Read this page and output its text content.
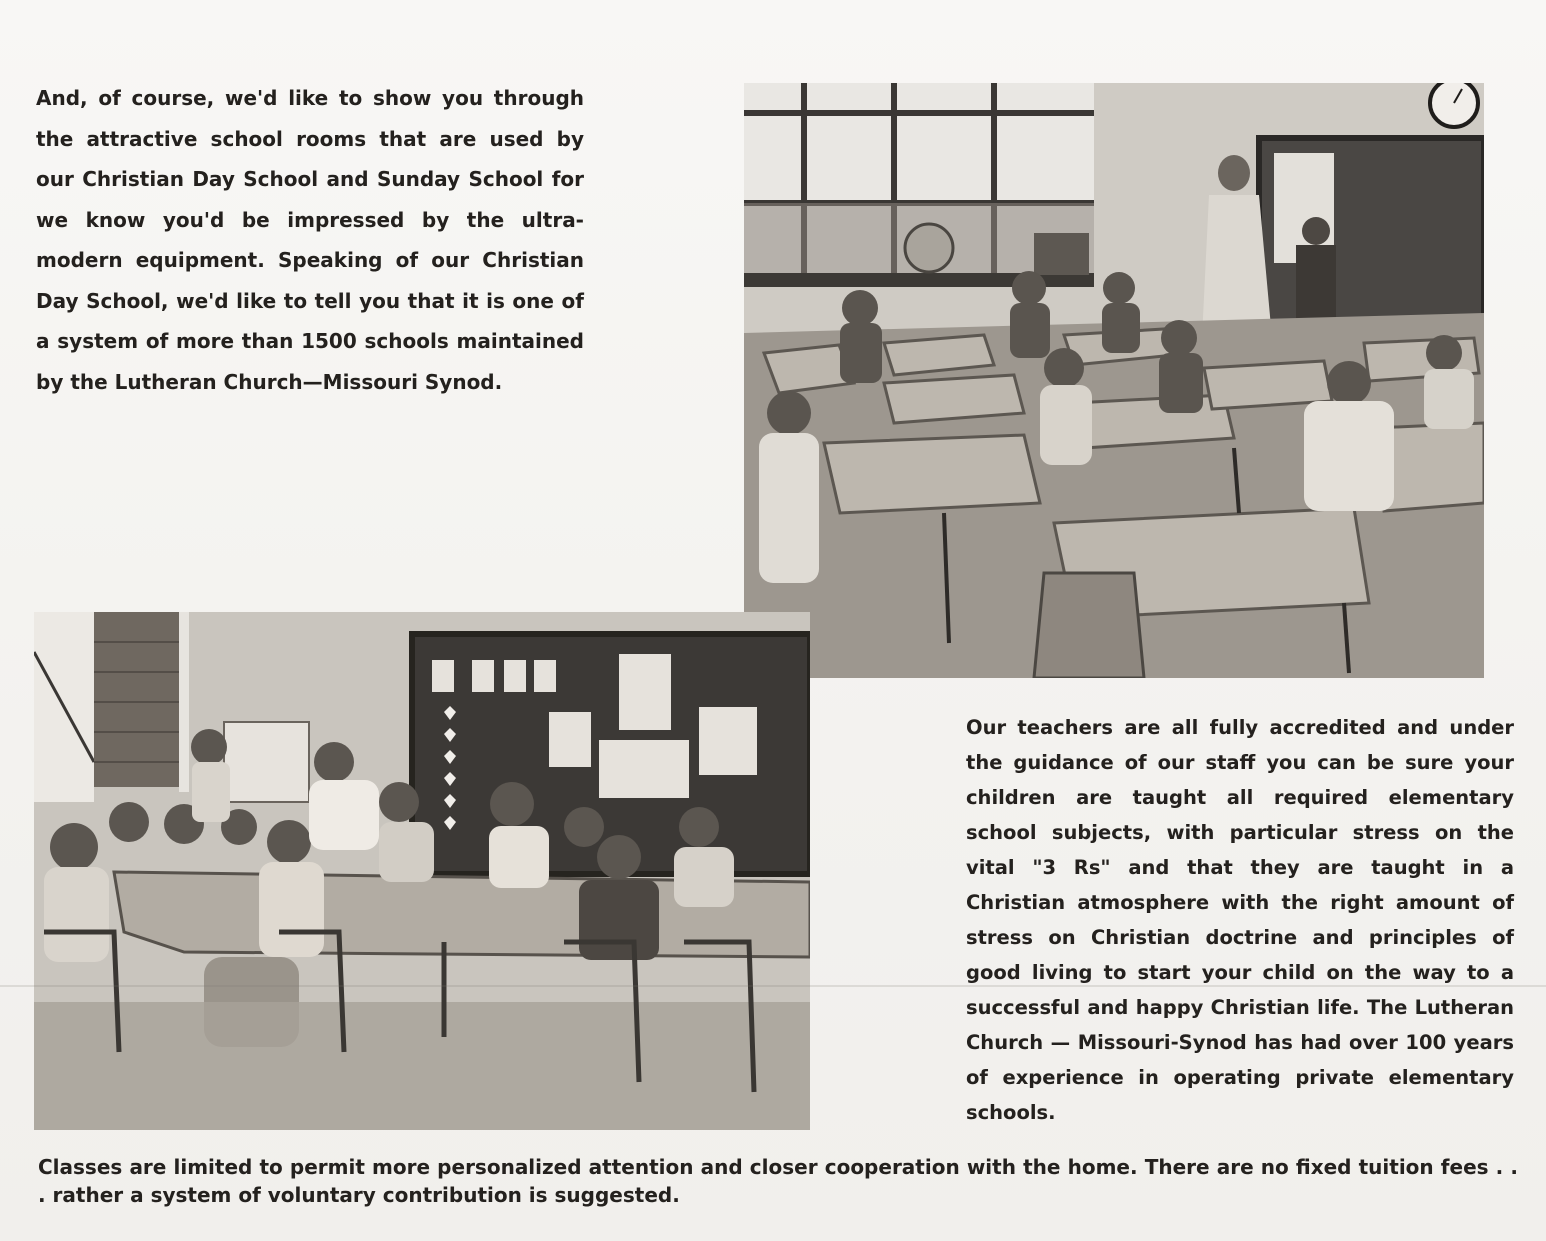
And, of course, we'd like to show you through the attractive school rooms that are used by our Christian Day School and Sunday School for we know you'd be impressed by the ultra-modern equipment. Speaking of our Christian Day School, we'd like to tell you that it is one of a system of more than 1500 schools maintained by the Lutheran Church—Missouri Synod.

Our teachers are all fully accredited and under the guidance of our staff you can be sure your children are taught all required elementary school subjects, with particular stress on the vital "3 Rs" and that they are taught in a Christian atmosphere with the right amount of stress on Christian doctrine and principles of good living to start your child on the way to a successful and happy Christian life. The Lutheran Church — Missouri-Synod has had over 100 years of experience in operating private elementary schools.

Classes are limited to permit more personalized attention and closer cooperation with the home. There are no fixed tuition fees . . . rather a system of voluntary contribution is suggested.
